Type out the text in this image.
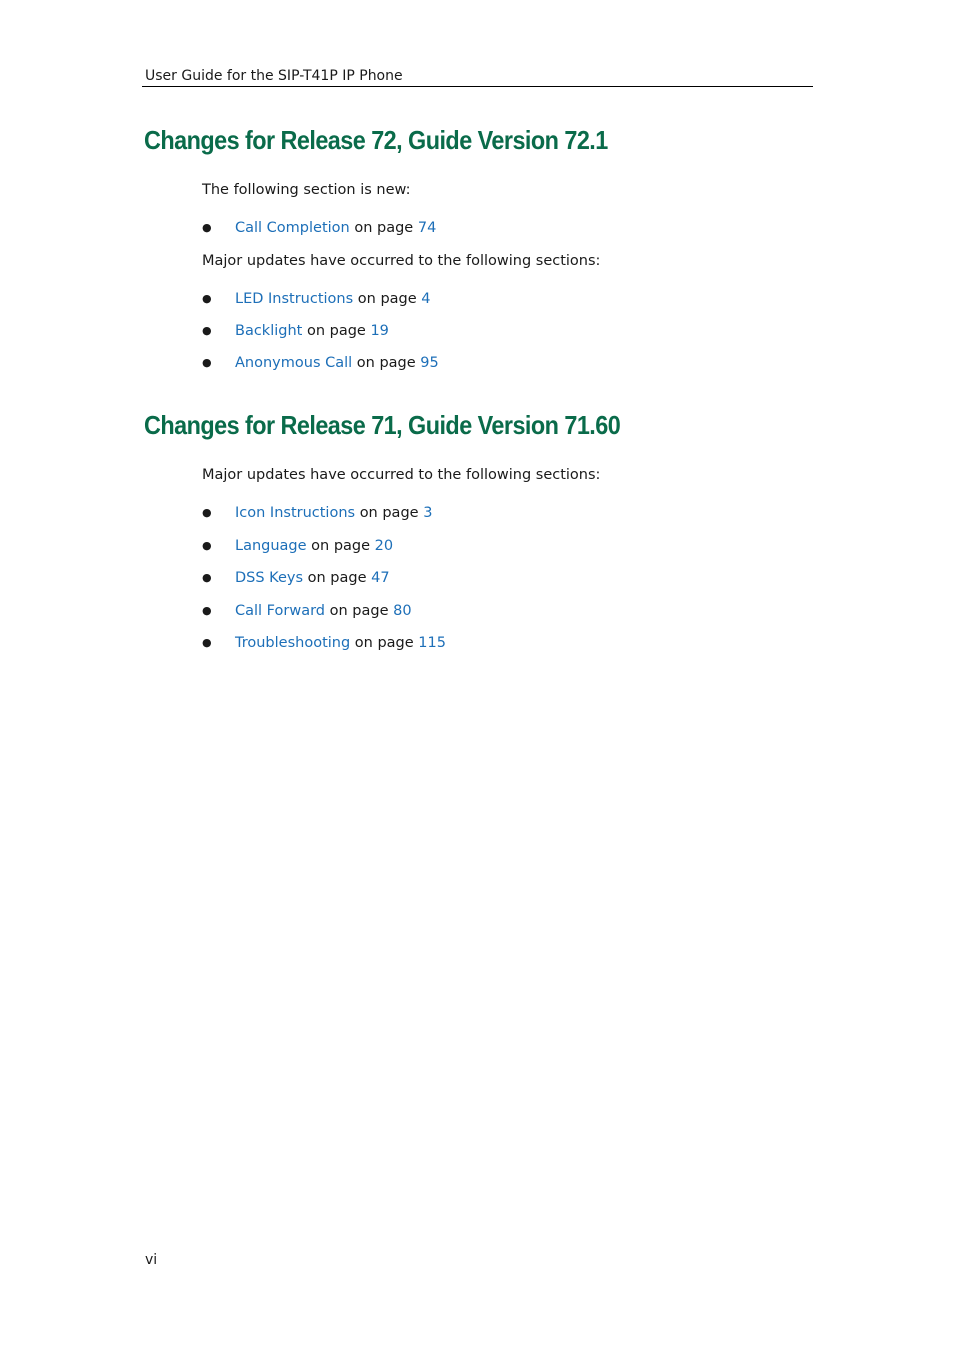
User Guide for the SIP-T41P IP Phone
Changes for Release 72, Guide Version 72.1

The following section is new:

● Call Completion on page 74

Major updates have occurred to the following sections:

● LED Instructions on page 4
● Backlight on page 19
● Anonymous Call on page 95
Changes for Release 71, Guide Version 71.60

Major updates have occurred to the following sections:

● Icon Instructions on page 3
● Language on page 20
● DSS Keys on page 47
● Call Forward on page 80
● Troubleshooting on page 115
vi
